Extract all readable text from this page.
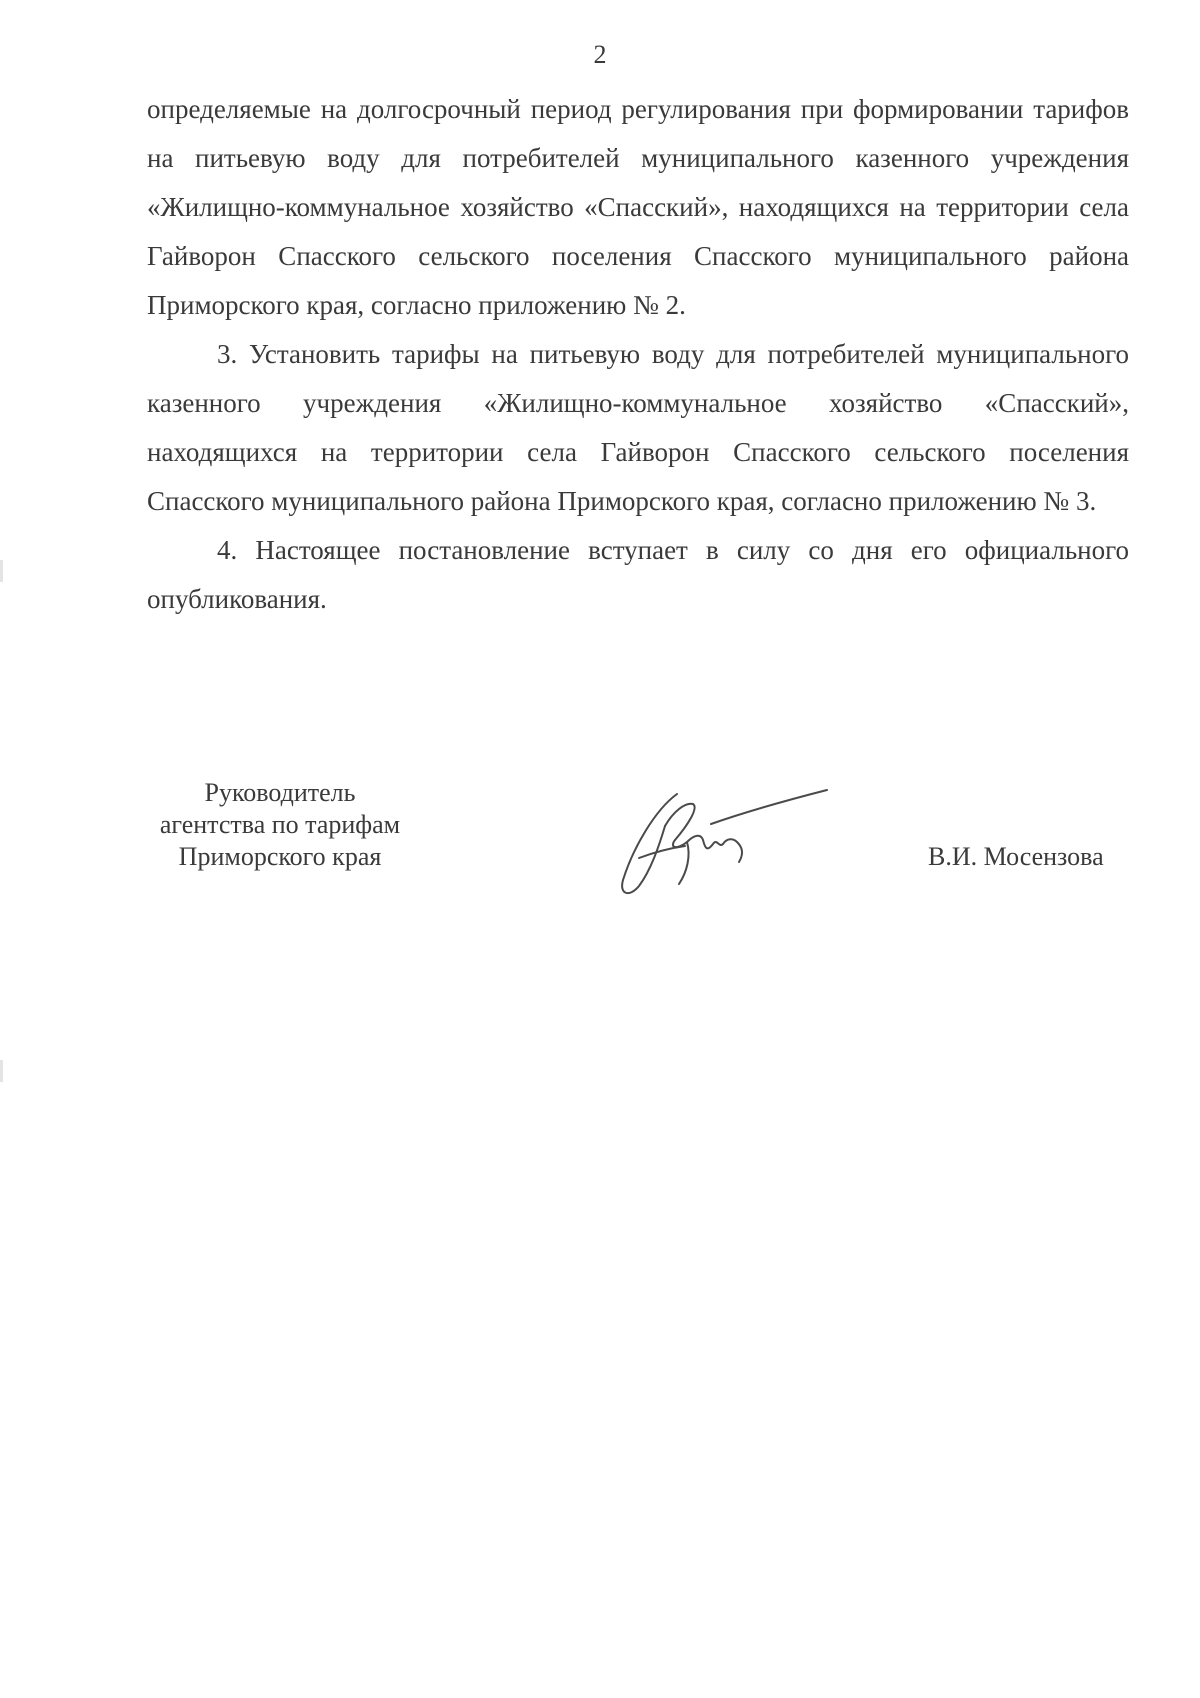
2

определяемые на долгосрочный период регулирования при формировании тарифов на питьевую воду для потребителей муниципального казенного учреждения «Жилищно-коммунальное хозяйство «Спасский», находящихся на территории села Гайворон Спасского сельского поселения Спасского муниципального района Приморского края, согласно приложению № 2.

3. Установить тарифы на питьевую воду для потребителей муниципального казенного учреждения «Жилищно-коммунальное хозяйство «Спасский», находящихся на территории села Гайворон Спасского сельского поселения Спасского муниципального района Приморского края, согласно приложению № 3.

4. Настоящее постановление вступает в силу со дня его официального опубликования.

Руководитель
агентства по тарифам
Приморского края	В.И. Мосензова
